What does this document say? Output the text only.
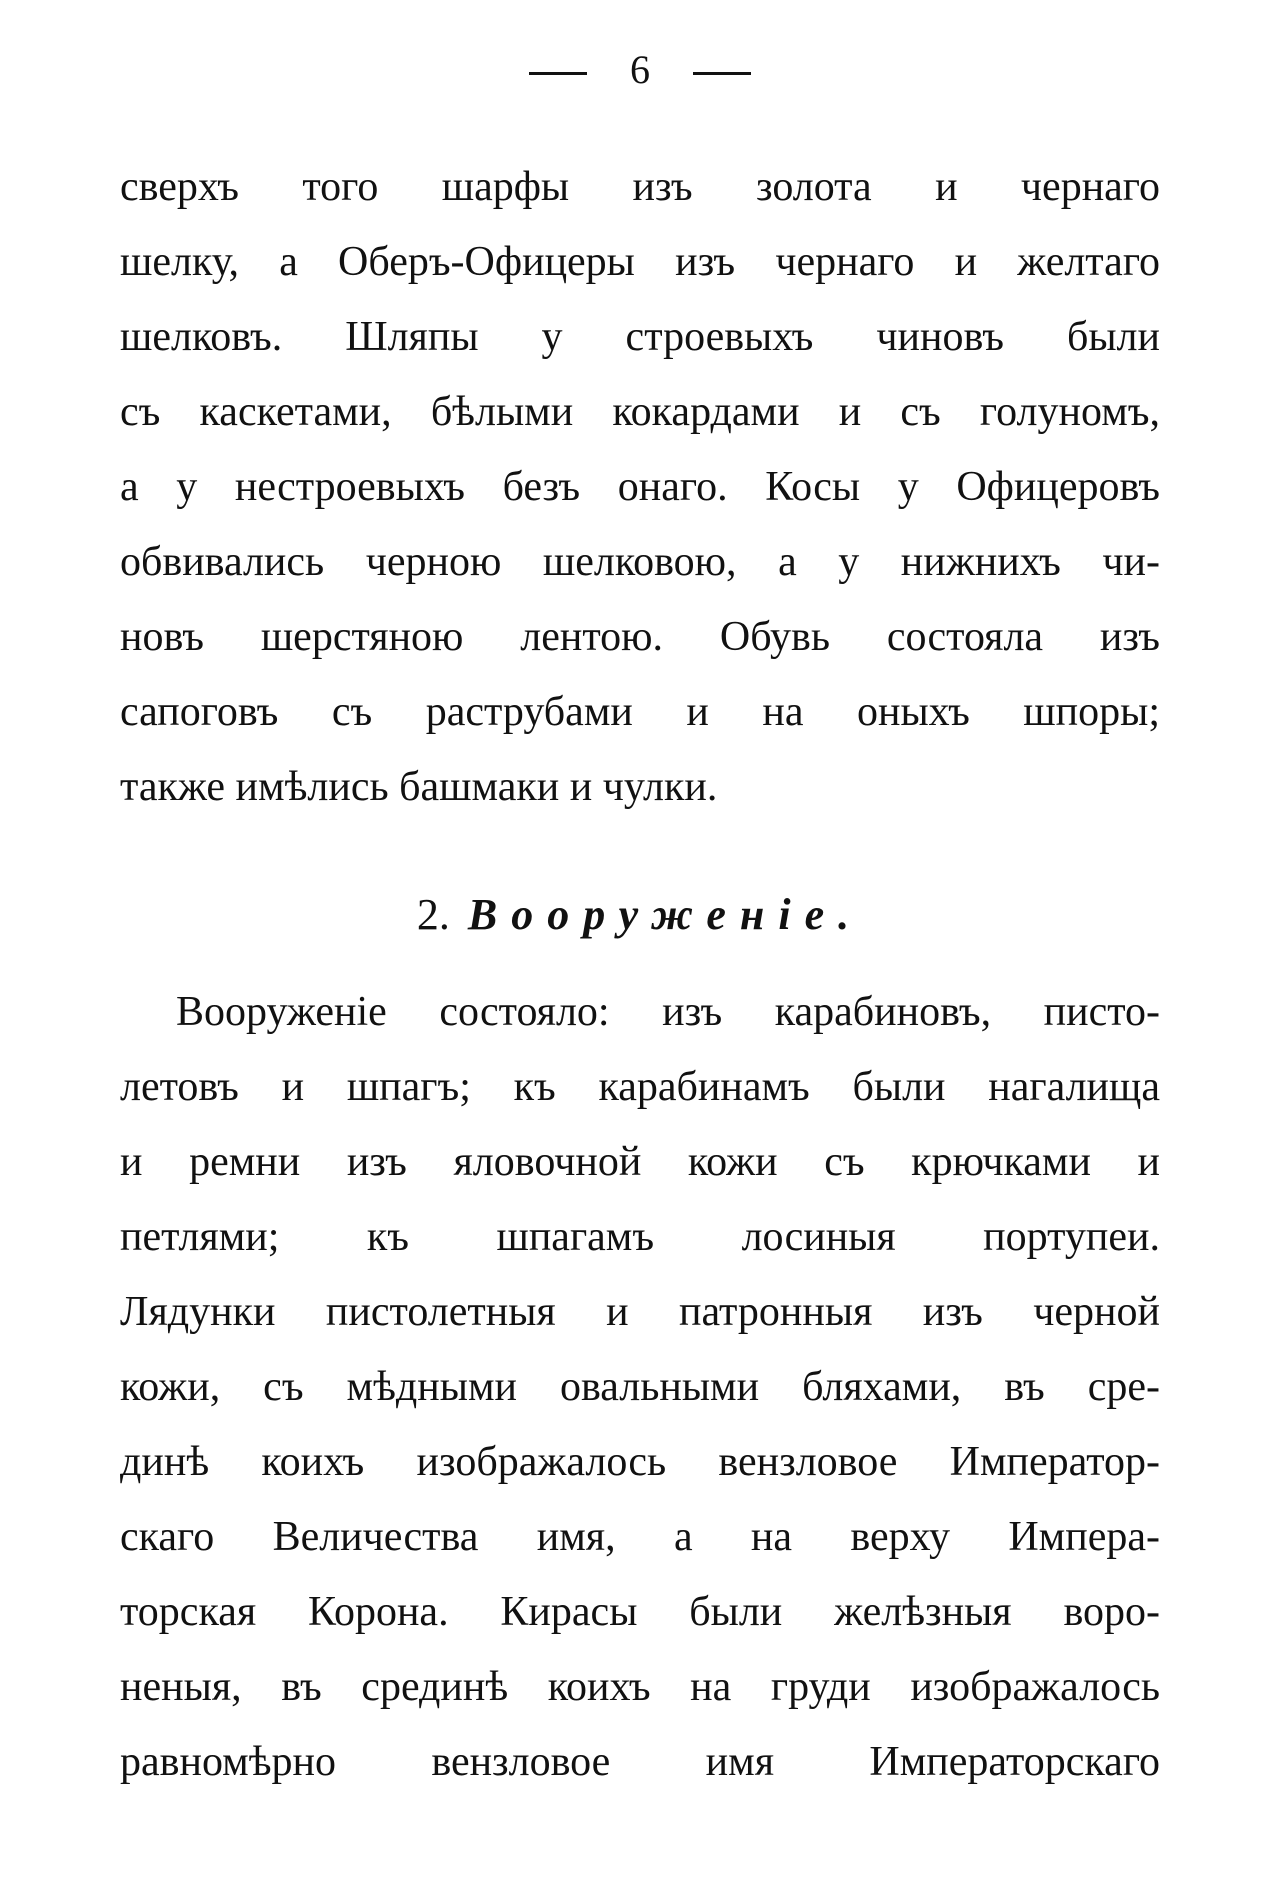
6
сверхъ того шарфы изъ золота и чернаго
шелку, а Оберъ-Офицеры изъ чернаго и желтаго
шелковъ. Шляпы у строевыхъ чиновъ были
съ каскетами, бѣлыми кокардами и съ голуномъ,
а у нестроевыхъ безъ онаго. Косы у Офицеровъ
обвивались черною шелковою, а у нижнихъ чи-
новъ шерстяною лентою. Обувь состояла изъ
сапоговъ съ раструбами и на оныхъ шпоры;
также имѣлись башмаки и чулки.
2. Вооруженіе.
Вооруженіе состояло: изъ карабиновъ, писто-
летовъ и шпагъ; къ карабинамъ были нагалища
и ремни изъ яловочной кожи съ крючками и
петлями; къ шпагамъ лосиныя портупеи.
Лядунки пистолетныя и патронныя изъ черной
кожи, съ мѣдными овальными бляхами, въ сре-
динѣ коихъ изображалось вензловое Император-
скаго Величества имя, а на верху Импера-
торская Корона. Кирасы были желѣзныя воро-
неныя, въ срединѣ коихъ на груди изображалось
равномѣрно вензловое имя Императорскаго
